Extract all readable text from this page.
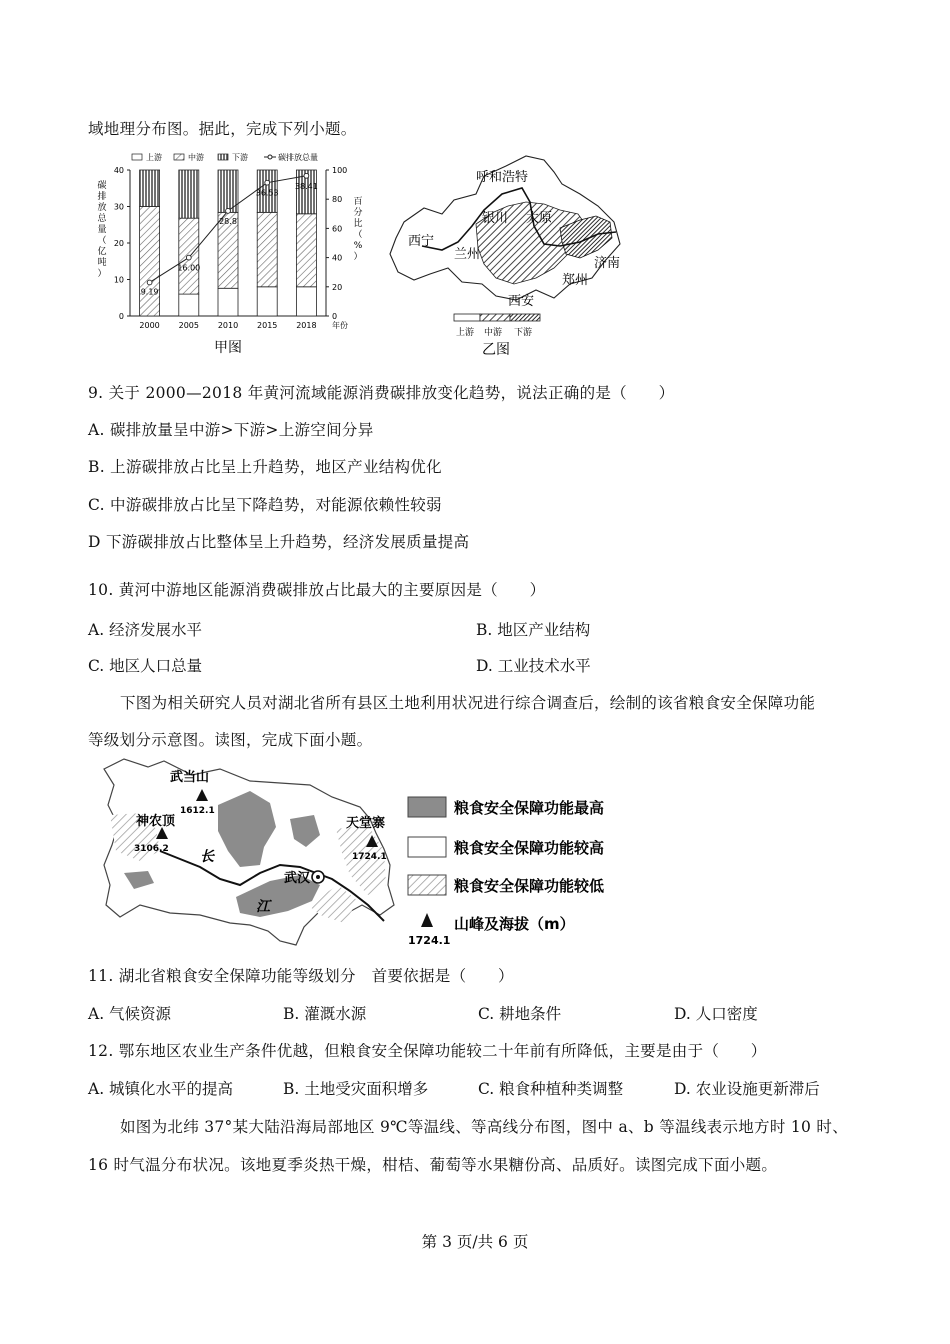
域地理分布图。据此，完成下列小题。
0
10
20
30
40
0
20
40
60
80
100
碳
排
放
总
量
（
亿
吨
）
百
分
比
（
%
）
2000 2005 2010 2015 2018 年份
9.19
16.00
28.8
36.53
38.41
上游	中游	下游	碳排放总量
甲图
呼和浩特
银川 太原
西宁
兰州
济南
郑州
西安
上游 中游 下游
乙图
9. 关于 2000—2018 年黄河流域能源消费碳排放变化趋势，说法正确的是（　　）
A. 碳排放量呈中游>下游>上游空间分异
B. 上游碳排放占比呈上升趋势，地区产业结构优化
C. 中游碳排放占比呈下降趋势，对能源依赖性较弱
D 下游碳排放占比整体呈上升趋势，经济发展质量提高
10. 黄河中游地区能源消费碳排放占比最大的主要原因是（　　）
A. 经济发展水平	B. 地区产业结构
C. 地区人口总量	D. 工业技术水平
下图为相关研究人员对湖北省所有县区土地利用状况进行综合调查后，绘制的该省粮食安全保障功能
等级划分示意图。读图，完成下面小题。
长
江
武当山
1612.1
神农顶
3106.2
天堂寨
1724.1
武汉
1724.1
粮食安全保障功能最高
粮食安全保障功能较高
粮食安全保障功能较低
山峰及海拔（m）
11. 湖北省粮食安全保障功能等级划分　首要依据是（　　）
A. 气候资源	B. 灌溉水源	C. 耕地条件	D. 人口密度
12. 鄂东地区农业生产条件优越，但粮食安全保障功能较二十年前有所降低，主要是由于（　　）
A. 城镇化水平的提高	B. 土地受灾面积增多	C. 粮食种植种类调整	D. 农业设施更新滞后
如图为北纬 37°某大陆沿海局部地区 9℃等温线、等高线分布图，图中 a、b 等温线表示地方时 10 时、
16 时气温分布状况。该地夏季炎热干燥，柑桔、葡萄等水果糖份高、品质好。读图完成下面小题。
第 3 页/共 6 页
